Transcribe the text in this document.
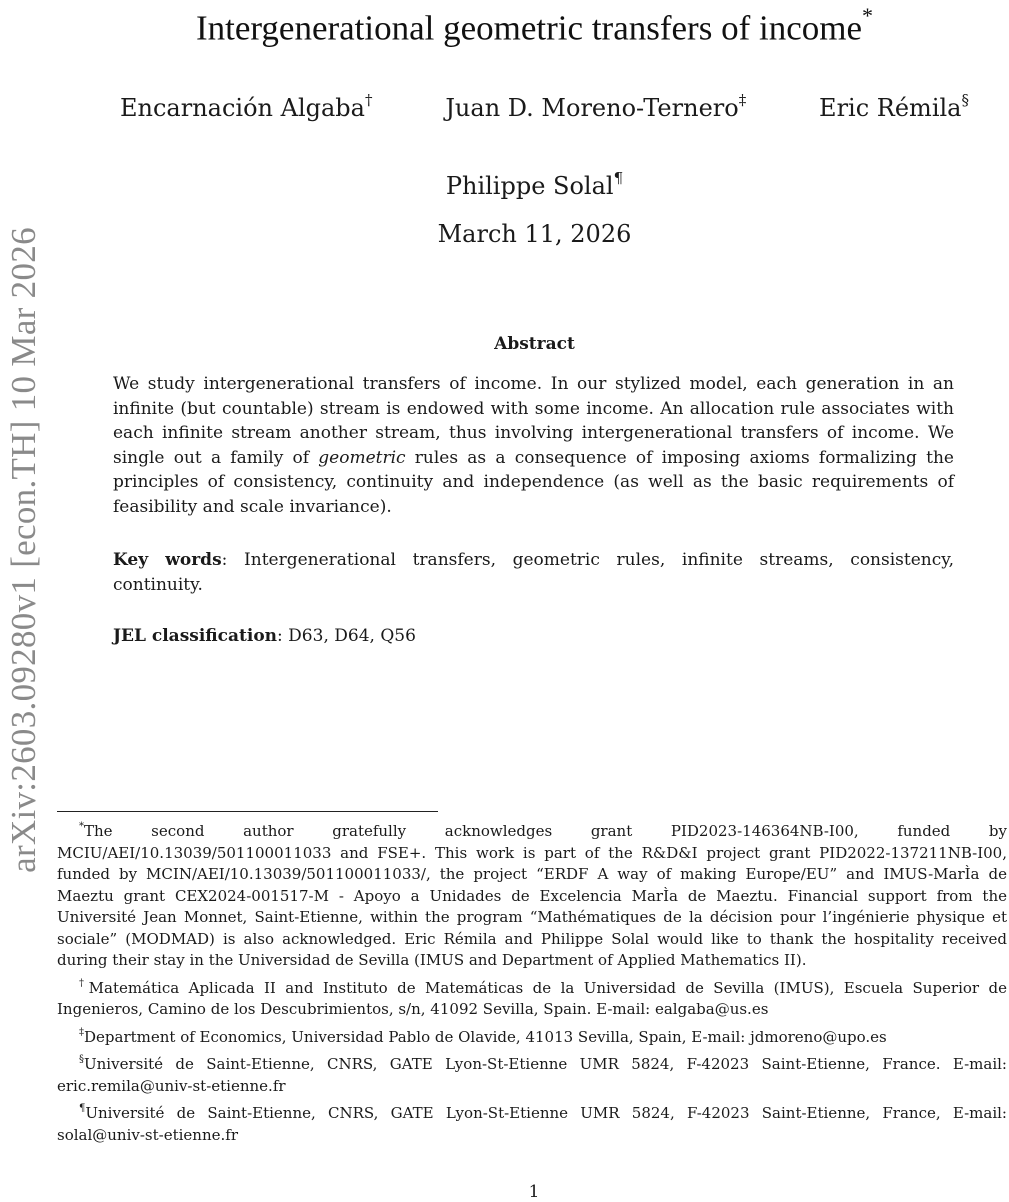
arXiv:2603.09280v1 [econ.TH] 10 Mar 2026
Intergenerational geometric transfers of income*
Encarnación Algaba†	Juan D. Moreno-Ternero‡	Eric Rémila§
Philippe Solal¶
March 11, 2026
Abstract

We study intergenerational transfers of income. In our stylized model, each generation in an infinite (but countable) stream is endowed with some income. An allocation rule associates with each infinite stream another stream, thus involving intergenerational transfers of income. We single out a family of geometric rules as a consequence of imposing axioms formalizing the principles of consistency, continuity and independence (as well as the basic requirements of feasibility and scale invariance).

Key words: Intergenerational transfers, geometric rules, infinite streams, consistency, continuity.

JEL classification: D63, D64, Q56

*The second author gratefully acknowledges grant PID2023-146364NB-I00, funded by MCIU/AEI/10.13039/501100011033 and FSE+. This work is part of the R&D&I project grant PID2022-137211NB-I00, funded by MCIN/AEI/10.13039/501100011033/, the project “ERDF A way of making Europe/EU” and IMUS-MarÌa de Maeztu grant CEX2024-001517-M - Apoyo a Unidades de Excelencia MarÌa de Maeztu. Financial support from the Université Jean Monnet, Saint-Etienne, within the program “Mathématiques de la décision pour l’ingénierie physique et sociale” (MODMAD) is also acknowledged. Eric Rémila and Philippe Solal would like to thank the hospitality received during their stay in the Universidad de Sevilla (IMUS and Department of Applied Mathematics II).

†Matemática Aplicada II and Instituto de Matemáticas de la Universidad de Sevilla (IMUS), Escuela Superior de Ingenieros, Camino de los Descubrimientos, s/n, 41092 Sevilla, Spain. E-mail: ealgaba@us.es

‡Department of Economics, Universidad Pablo de Olavide, 41013 Sevilla, Spain, E-mail: jdmoreno@upo.es

§Université de Saint-Etienne, CNRS, GATE Lyon-St-Etienne UMR 5824, F-42023 Saint-Etienne, France. E-mail: eric.remila@univ-st-etienne.fr

¶Université de Saint-Etienne, CNRS, GATE Lyon-St-Etienne UMR 5824, F-42023 Saint-Etienne, France, E-mail: solal@univ-st-etienne.fr

1
